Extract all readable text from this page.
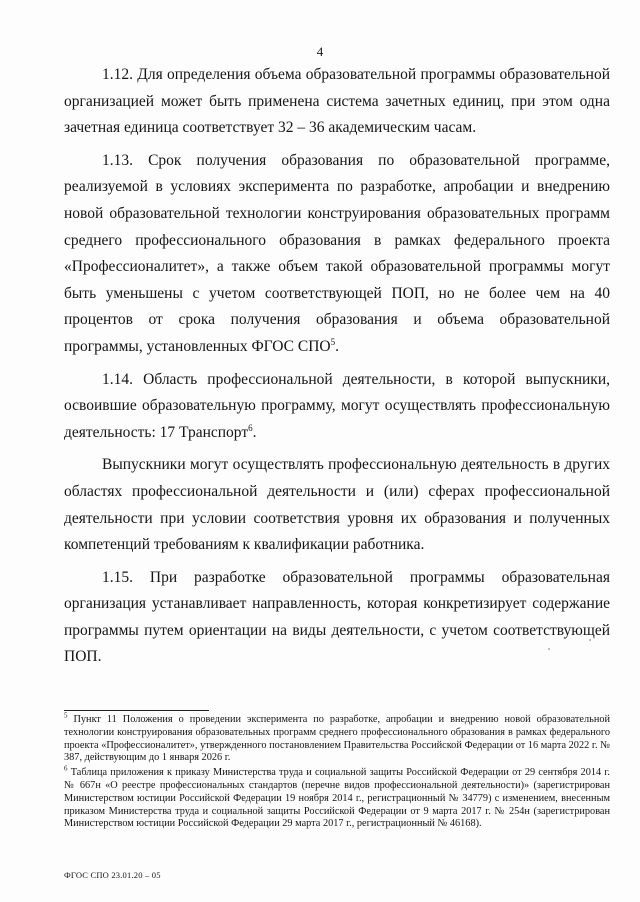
4

1.12. Для определения объема образовательной программы образовательной организацией может быть применена система зачетных единиц, при этом одна зачетная единица соответствует 32 – 36 академическим часам.

1.13. Срок получения образования по образовательной программе, реализуемой в условиях эксперимента по разработке, апробации и внедрению новой образовательной технологии конструирования образовательных программ среднего профессионального образования в рамках федерального проекта «Профессионалитет», а также объем такой образовательной программы могут быть уменьшены с учетом соответствующей ПОП, но не более чем на 40 процентов от срока получения образования и объема образовательной программы, установленных ФГОС СПО$^5$.

1.14. Область профессиональной деятельности, в которой выпускники, освоившие образовательную программу, могут осуществлять профессиональную деятельность: 17 Транспорт$^6$.

Выпускники могут осуществлять профессиональную деятельность в других областях профессиональной деятельности и (или) сферах профессиональной деятельности при условии соответствия уровня их образования и полученных компетенций требованиям к квалификации работника.

1.15. При разработке образовательной программы образовательная организация устанавливает направленность, которая конкретизирует содержание программы путем ориентации на виды деятельности, с учетом соответствующей ПОП.

$^5$ Пункт 11 Положения о проведении эксперимента по разработке, апробации и внедрению новой образовательной технологии конструирования образовательных программ среднего профессионального образования в рамках федерального проекта «Профессионалитет», утвержденного постановлением Правительства Российской Федерации от 16 марта 2022 г. № 387, действующим до 1 января 2026 г.

$^6$ Таблица приложения к приказу Министерства труда и социальной защиты Российской Федерации от 29 сентября 2014 г. № 667н «О реестре профессиональных стандартов (перечне видов профессиональной деятельности)» (зарегистрирован Министерством юстиции Российской Федерации 19 ноября 2014 г., регистрационный № 34779) с изменением, внесенным приказом Министерства труда и социальной защиты Российской Федерации от 9 марта 2017 г. № 254н (зарегистрирован Министерством юстиции Российской Федерации 29 марта 2017 г., регистрационный № 46168).

ФГОС СПО 23.01.20 – 05
